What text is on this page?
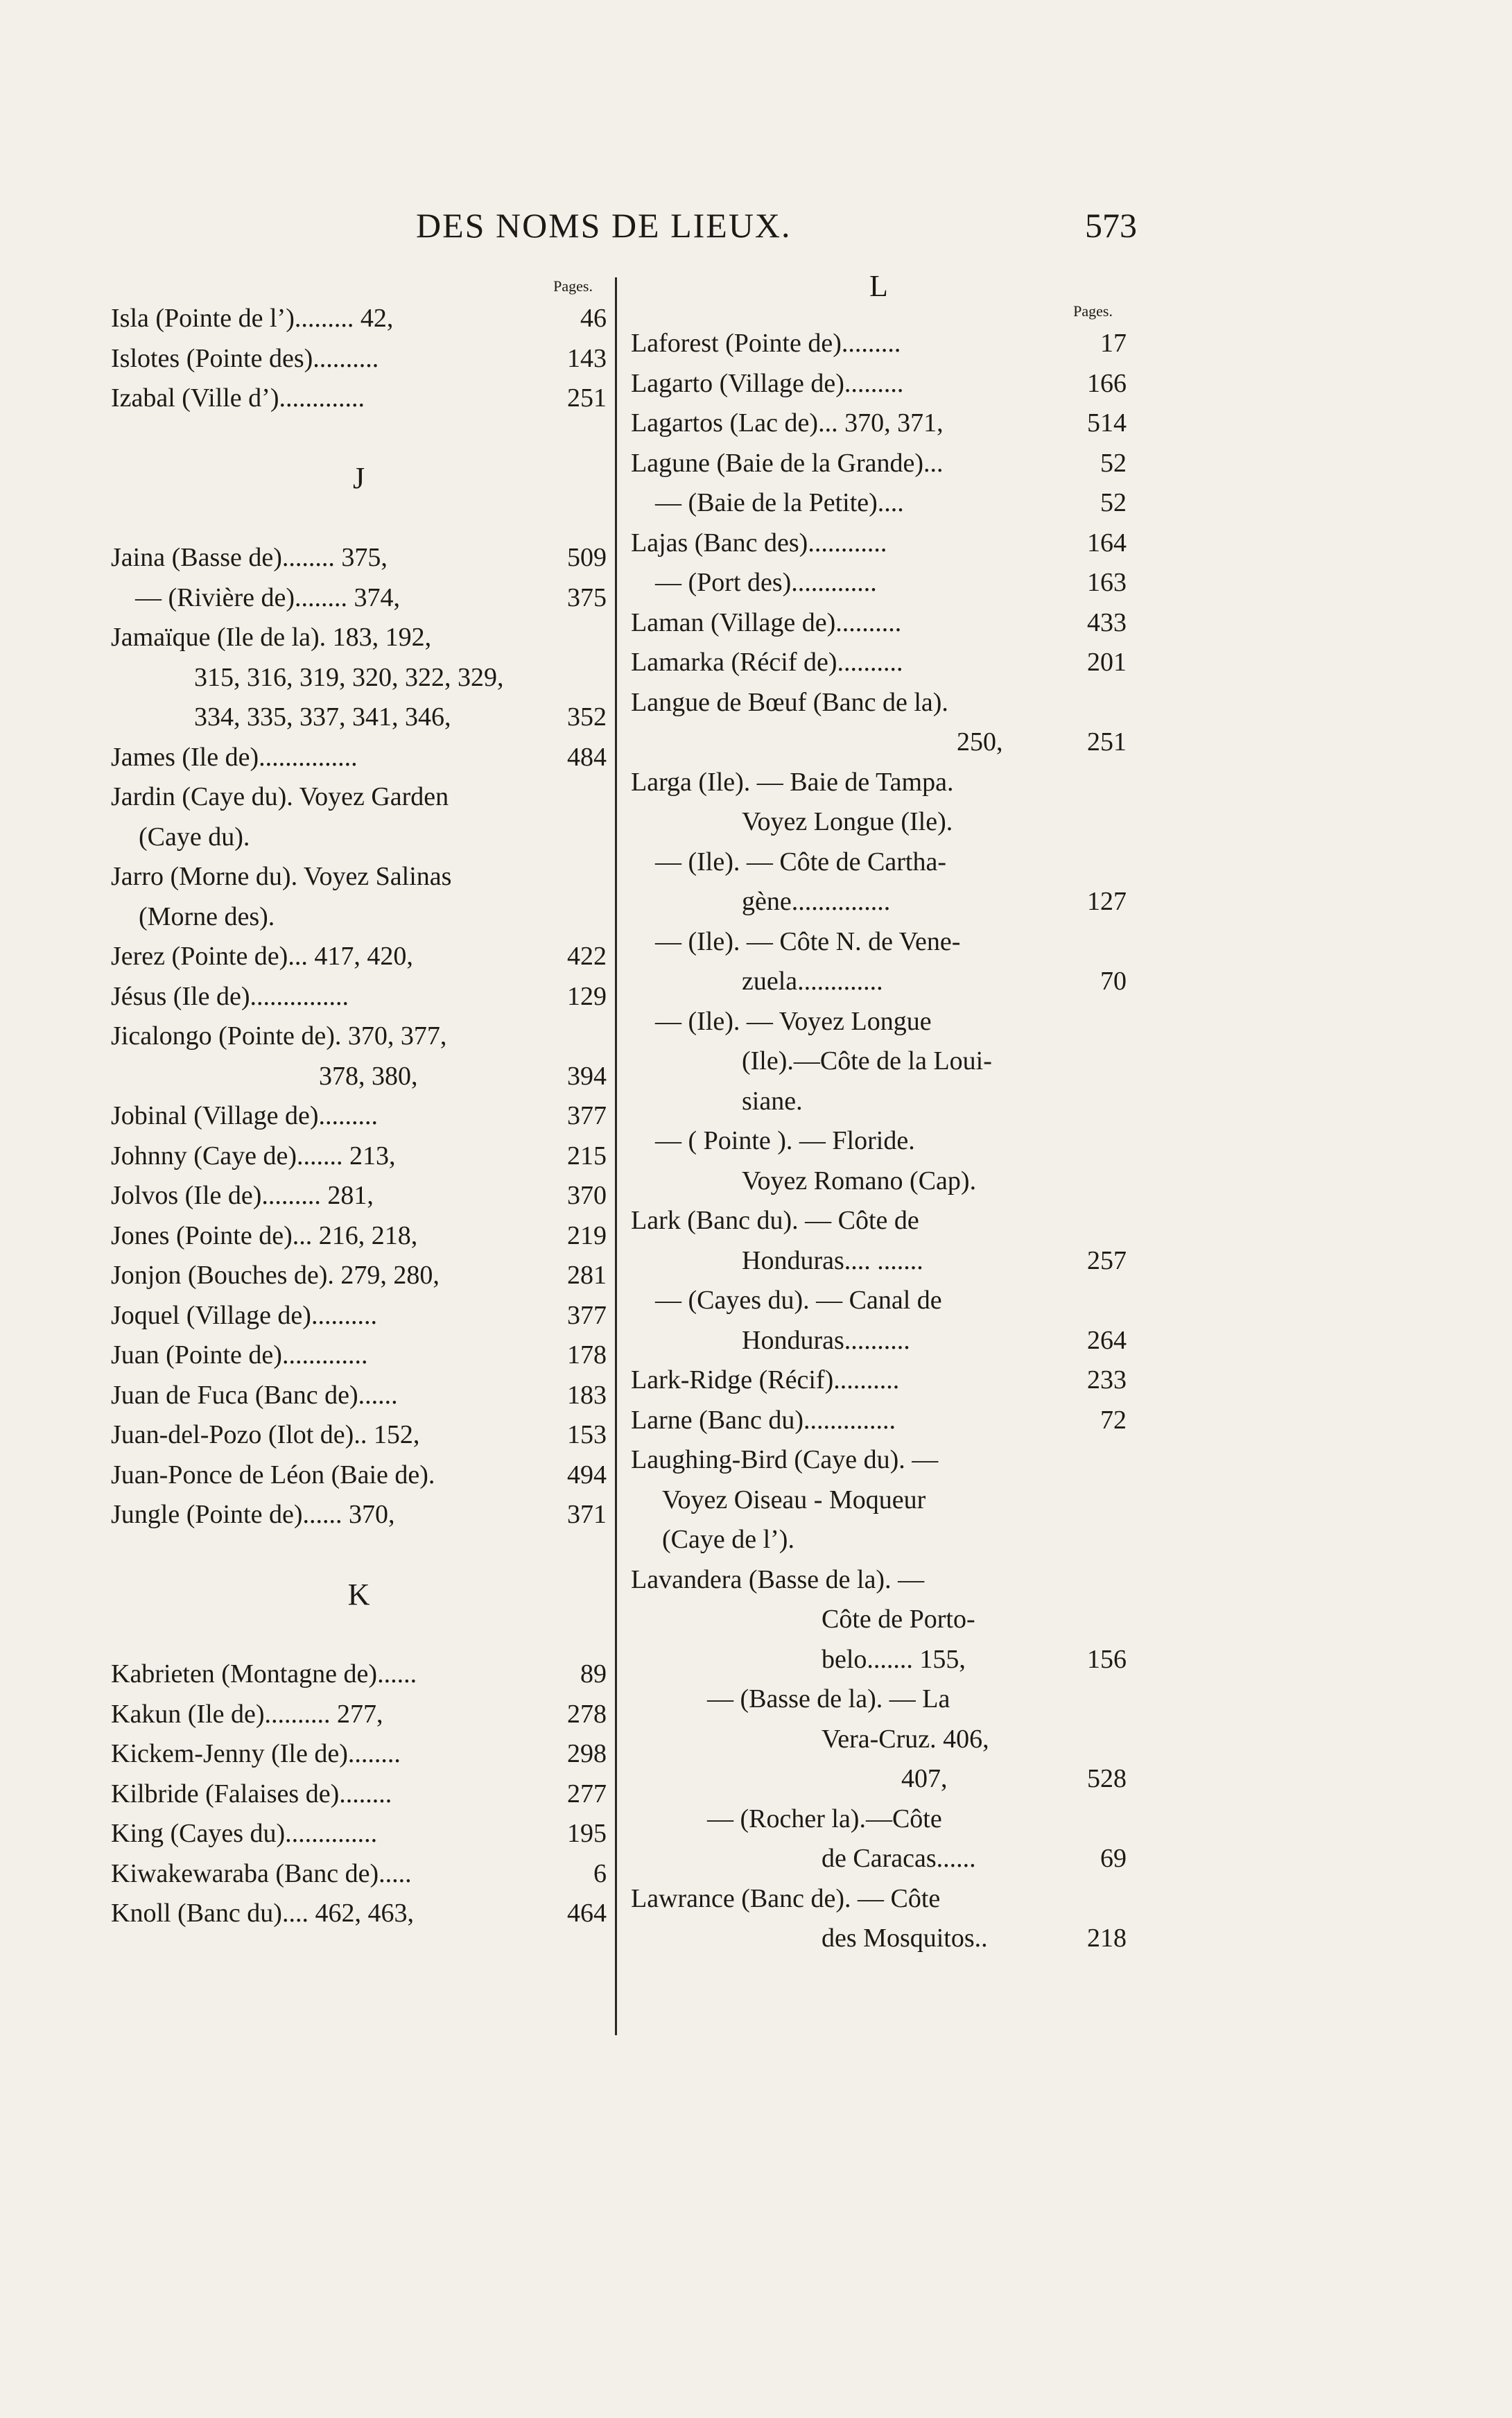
DES NOMS DE LIEUX.	573
Pages.
Isla (Pointe de l’)......... 42,	46
Islotes (Pointe des)..........	143
Izabal (Ville d’).............	251
J
Jaina (Basse de)........ 375,	509
— (Rivière de)........ 374,	375
Jamaïque (Ile de la). 183, 192,
315, 316, 319, 320, 322, 329,
334, 335, 337, 341, 346,	352
James (Ile de)...............	484
Jardin (Caye du). Voyez Garden
(Caye du).
Jarro (Morne du). Voyez Salinas
(Morne des).
Jerez (Pointe de)... 417, 420,	422
Jésus (Ile de)...............	129
Jicalongo (Pointe de). 370, 377,
378, 380,	394
Jobinal (Village de).........	377
Johnny (Caye de)....... 213,	215
Jolvos (Ile de)......... 281,	370
Jones (Pointe de)... 216, 218,	219
Jonjon (Bouches de). 279, 280,	281
Joquel (Village de)..........	377
Juan (Pointe de).............	178
Juan de Fuca (Banc de)......	183
Juan-del-Pozo (Ilot de).. 152,	153
Juan-Ponce de Léon (Baie de).	494
Jungle (Pointe de)...... 370,	371
K
Kabrieten (Montagne de)......	89
Kakun (Ile de).......... 277,	278
Kickem-Jenny (Ile de)........	298
Kilbride (Falaises de)........	277
King (Cayes du)..............	195
Kiwakewaraba (Banc de).....	6
Knoll (Banc du).... 462, 463,	464
L
Pages.
Laforest (Pointe de).........	17
Lagarto (Village de).........	166
Lagartos (Lac de)... 370, 371,	514
Lagune (Baie de la Grande)...	52
— (Baie de la Petite)....	52
Lajas (Banc des)............	164
— (Port des).............	163
Laman (Village de)..........	433
Lamarka (Récif de)..........	201
Langue de Bœuf (Banc de la).
250,	251
Larga (Ile). — Baie de Tampa.
Voyez Longue (Ile).
— (Ile). — Côte de Cartha-
gène...............	127
— (Ile). — Côte N. de Vene-
zuela.............	70
— (Ile). — Voyez Longue
(Ile).—Côte de la Loui-
siane.
— ( Pointe ). — Floride.
Voyez Romano (Cap).
Lark (Banc du). — Côte de
Honduras.... .......	257
— (Cayes du). — Canal de
Honduras..........	264
Lark-Ridge (Récif)..........	233
Larne (Banc du)..............	72
Laughing-Bird (Caye du). —
Voyez Oiseau - Moqueur
(Caye de l’).
Lavandera (Basse de la). —
Côte de Porto-
belo....... 155,	156
— (Basse de la). — La
Vera-Cruz. 406,
407,	528
— (Rocher la).—Côte
de Caracas......	69
Lawrance (Banc de). — Côte
des Mosquitos..	218
